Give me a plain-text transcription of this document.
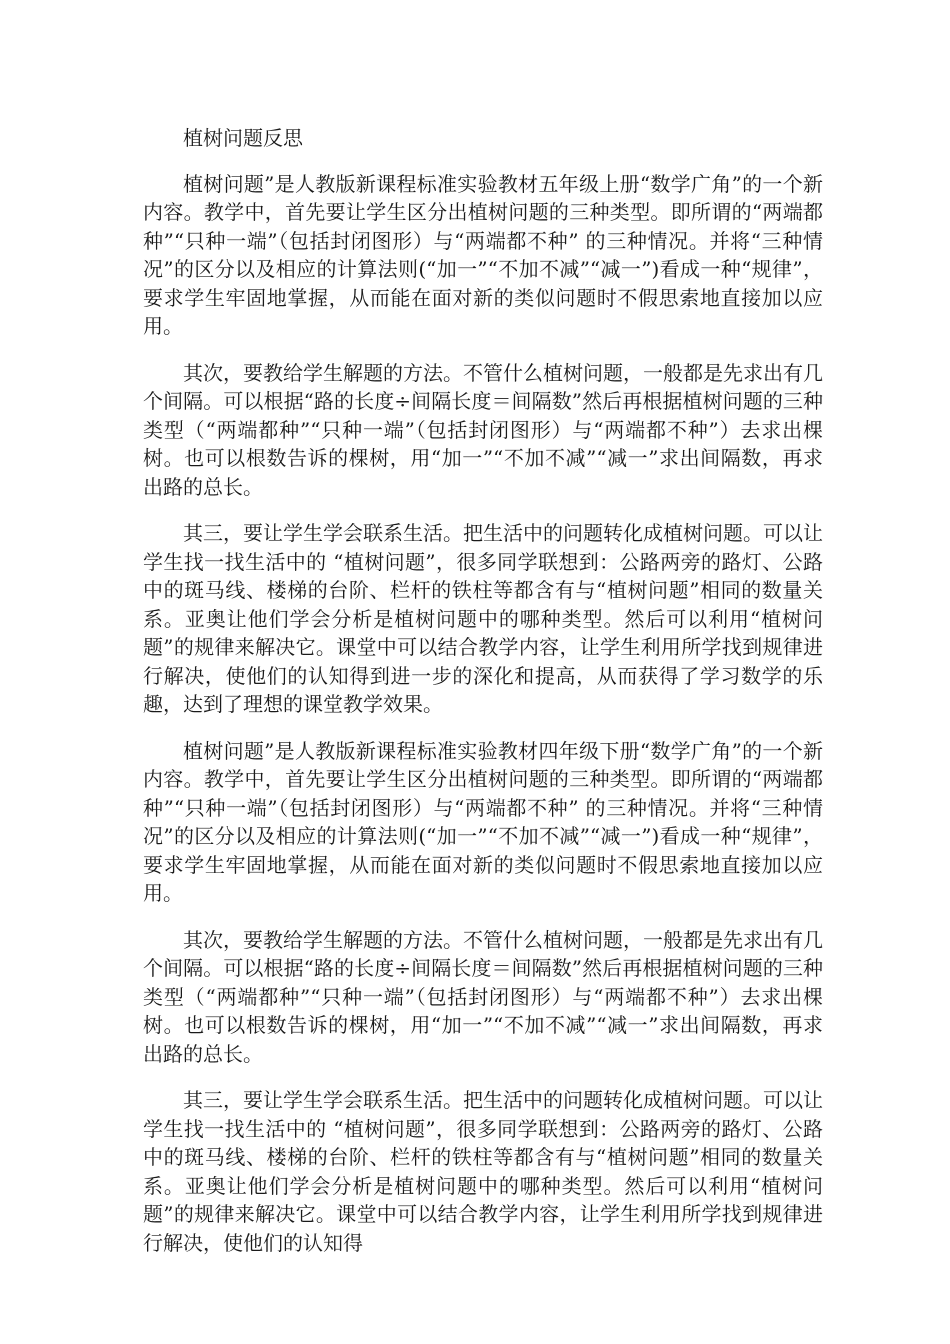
植树问题反思

植树问题”是人教版新课程标准实验教材五年级上册“数学广角”的一个新内容。教学中，首先要让学生区分出植树问题的三种类型。即所谓的“两端都种”“只种一端”（包括封闭图形）与“两端都不种” 的三种情况。并将“三种情况”的区分以及相应的计算法则(“加一”“不加不减”“减一”)看成一种“规律”，要求学生牢固地掌握，从而能在面对新的类似问题时不假思索地直接加以应用。

其次，要教给学生解题的方法。不管什么植树问题，一般都是先求出有几个间隔。可以根据“路的长度÷间隔长度＝间隔数”然后再根据植树问题的三种类型（“两端都种”“只种一端”（包括封闭图形）与“两端都不种”）去求出棵树。也可以根数告诉的棵树，用“加一”“不加不减”“减一”求出间隔数，再求出路的总长。

其三，要让学生学会联系生活。把生活中的问题转化成植树问题。可以让学生找一找生活中的 “植树问题”，很多同学联想到：公路两旁的路灯、公路中的斑马线、楼梯的台阶、栏杆的铁柱等都含有与“植树问题”相同的数量关系。亚奥让他们学会分析是植树问题中的哪种类型。然后可以利用“植树问题”的规律来解决它。课堂中可以结合教学内容，让学生利用所学找到规律进行解决，使他们的认知得到进一步的深化和提高，从而获得了学习数学的乐趣，达到了理想的课堂教学效果。

植树问题”是人教版新课程标准实验教材四年级下册“数学广角”的一个新内容。教学中，首先要让学生区分出植树问题的三种类型。即所谓的“两端都种”“只种一端”（包括封闭图形）与“两端都不种” 的三种情况。并将“三种情况”的区分以及相应的计算法则(“加一”“不加不减”“减一”)看成一种“规律”，要求学生牢固地掌握，从而能在面对新的类似问题时不假思索地直接加以应用。

其次，要教给学生解题的方法。不管什么植树问题，一般都是先求出有几个间隔。可以根据“路的长度÷间隔长度＝间隔数”然后再根据植树问题的三种类型（“两端都种”“只种一端”（包括封闭图形）与“两端都不种”）去求出棵树。也可以根数告诉的棵树，用“加一”“不加不减”“减一”求出间隔数，再求出路的总长。

其三，要让学生学会联系生活。把生活中的问题转化成植树问题。可以让学生找一找生活中的 “植树问题”，很多同学联想到：公路两旁的路灯、公路中的斑马线、楼梯的台阶、栏杆的铁柱等都含有与“植树问题”相同的数量关系。亚奥让他们学会分析是植树问题中的哪种类型。然后可以利用“植树问题”的规律来解决它。课堂中可以结合教学内容，让学生利用所学找到规律进行解决，使他们的认知得
